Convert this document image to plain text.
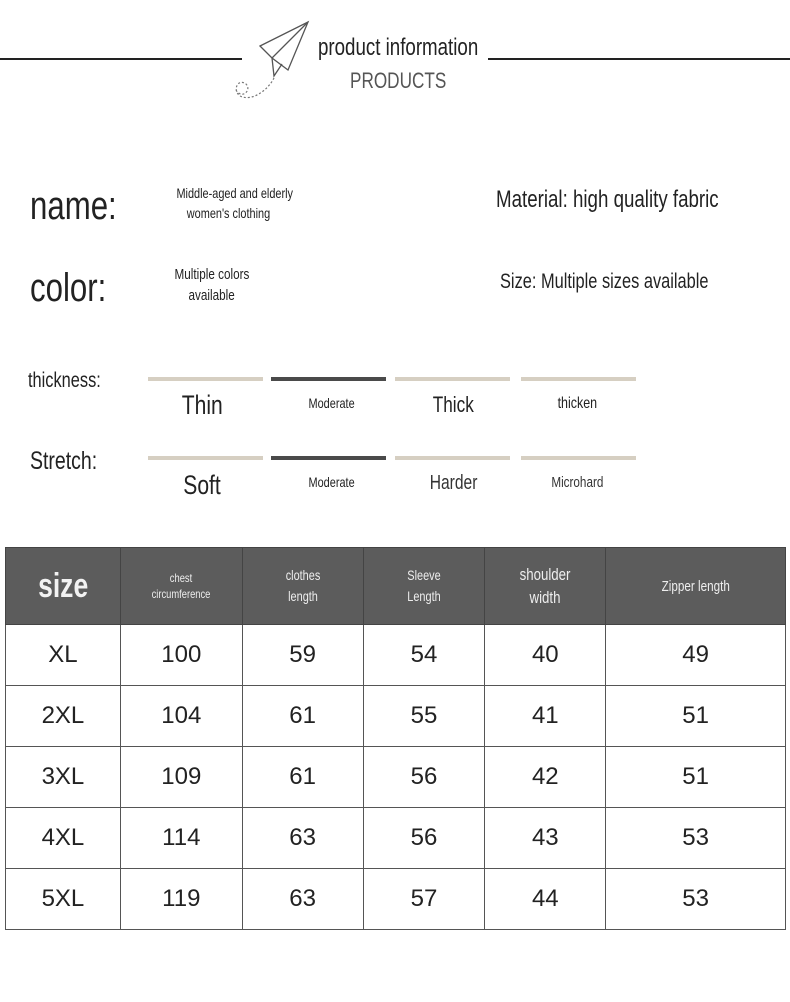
product information
PRODUCTS
name:	Middle-aged and elderly
women's clothing	Material: high quality fabric
color:	Multiple colors
available
Size: Multiple sizes available
thickness:
Thin	Moderate	Thick	thicken
Stretch:
Soft	Moderate	Harder	Microhard
size	chest circumference	clothes length	Sleeve Length	shoulder width	Zipper length
XL	100	59	54	40	49
2XL	104	61	55	41	51
3XL	109	61	56	42	51
4XL	114	63	56	43	53
5XL	119	63	57	44	53
